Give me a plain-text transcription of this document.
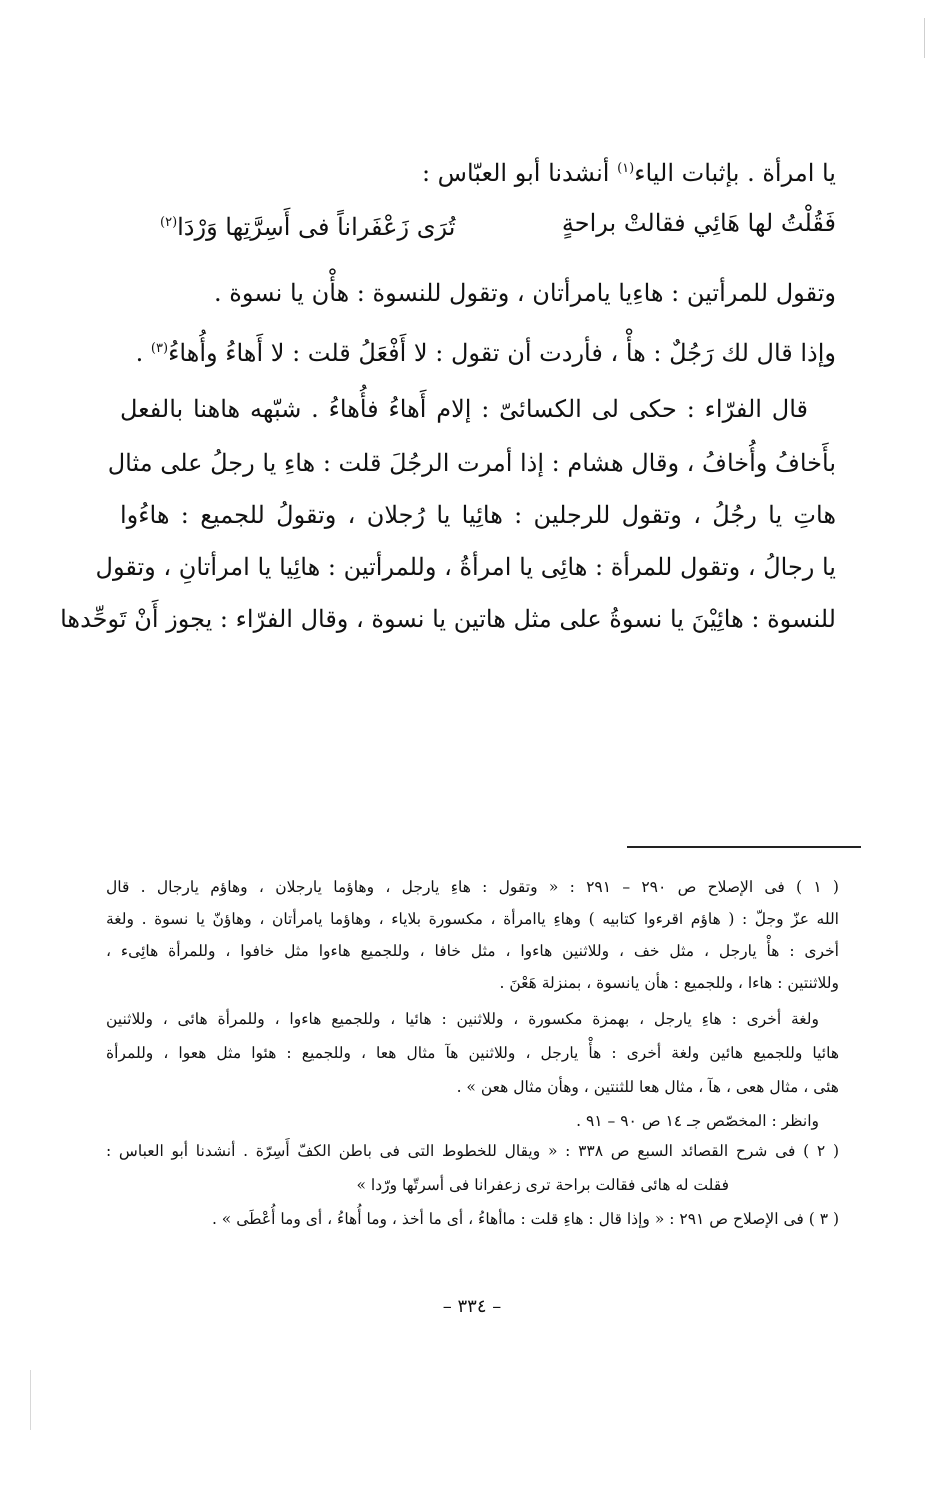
يا امرأة . بإثبات الياء$^{(١)}$ أنشدنا أبو العبّاس :
فَقُلْتُ لها هَائِي فقالتْ براحةٍ
تُرَى زَعْفَراناً فى أَسِرَّتِها وَرْدَا$^{(٢)}$
وتقول للمرأتين : هاءِيا يامرأتان ، وتقول للنسوة : هأْن يا نسوة .
وإذا قال لك رَجُلٌ : هأْ ، فأردت أن تقول : لا أَفْعَلُ قلت : لا أَهاءُ وأُهاءُ$^{(٣)}$ .
قال الفرّاء : حكى لى الكسائىّ : إلام أَهاءُ فأُهاءُ . شبّهه هاهنا بالفعل
بأَخافُ وأُخافُ ، وقال هشام : إذا أمرت الرجُلَ قلت : هاءِ يا رجلُ على مثال
هاتِ يا رجُلُ ، وتقول للرجلين : هائِيا يا رُجلان ، وتقولُ للجميع : هاءُوا
يا رجالُ ، وتقول للمرأة : هائِى يا امرأةُ ، وللمرأتين : هائِيا يا امرأتانِ ، وتقول
للنسوة : هائِيْنَ يا نسوةُ على مثل هاتين يا نسوة ، وقال الفرّاء : يجوز أَنْ تَوحِّدها
( ١ ) فى الإصلاح ص ٢٩٠ – ٢٩١ : « وتقول : هاءِ يارجل ، وهاؤما يارجلان ، وهاؤم يارجال . قال
الله عزّ وجلّ : ( هاؤم اقرءوا كتابيه ) وهاءِ ياامرأة ، مكسورة بلاياء ، وهاؤما يامرأتان ، وهاؤنّ يا نسوة . ولغة
أخرى : هأْ يارجل ، مثل خف ، وللاثنين هاءوا ، مثل خافا ، وللجميع هاءوا مثل خافوا ، وللمرأة هائِىء ،
وللاثنتين : هاءا ، وللجميع : هأن يانسوة ، بمنزلة هَعْنَ .
ولغة أخرى : هاءِ يارجل ، بهمزة مكسورة ، وللاثنين : هائيا ، وللجميع هاءوا ، وللمرأة هائى ، وللاثنين
هائيا وللجميع هائين ولغة أخرى : هأْ يارجل ، وللاثنين هآ مثال هعا ، وللجميع : هئوا مثل هعوا ، وللمرأة
هئى ، مثال هعى ، هآ ، مثال هعا للثنتين ، وهأن مثال هعن » .
وانظر : المخصّص جـ ١٤ ص ٩٠ – ٩١ .
( ٢ ) فى شرح القصائد السبع ص ٣٣٨ : « ويقال للخطوط التى فى باطن الكفّ أَسِرّة . أنشدنا أبو العباس :
فقلت له هائى فقالت براحة ترى زعفرانا فى أسرتّها ورّدا »
( ٣ ) فى الإصلاح ص ٢٩١ : « وإذا قال : هاءِ قلت : ماأهاءُ ، أى ما أخذ ، وما أُهاءُ ، أى وما أُعْطَى » .
– ٣٣٤ –
